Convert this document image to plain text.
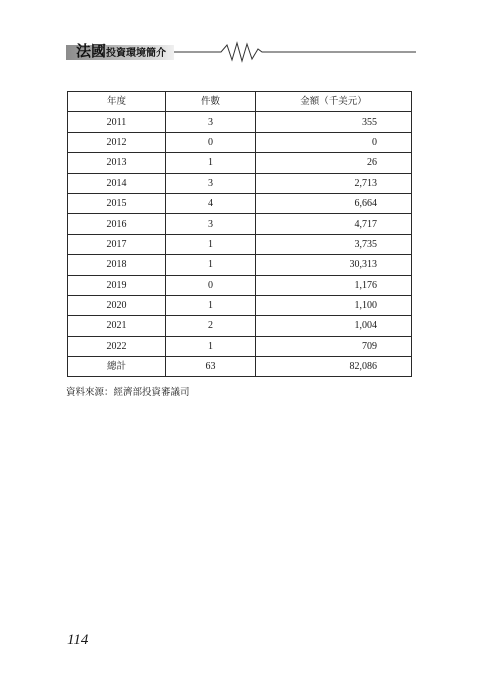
法國投資環境簡介
年度	件數	金額（千美元）
2011	3	355
2012	0	0
2013	1	26
2014	3	2,713
2015	4	6,664
2016	3	4,717
2017	1	3,735
2018	1	30,313
2019	0	1,176
2020	1	1,100
2021	2	1,004
2022	1	709
總計	63	82,086
資料來源：經濟部投資審議司
114
